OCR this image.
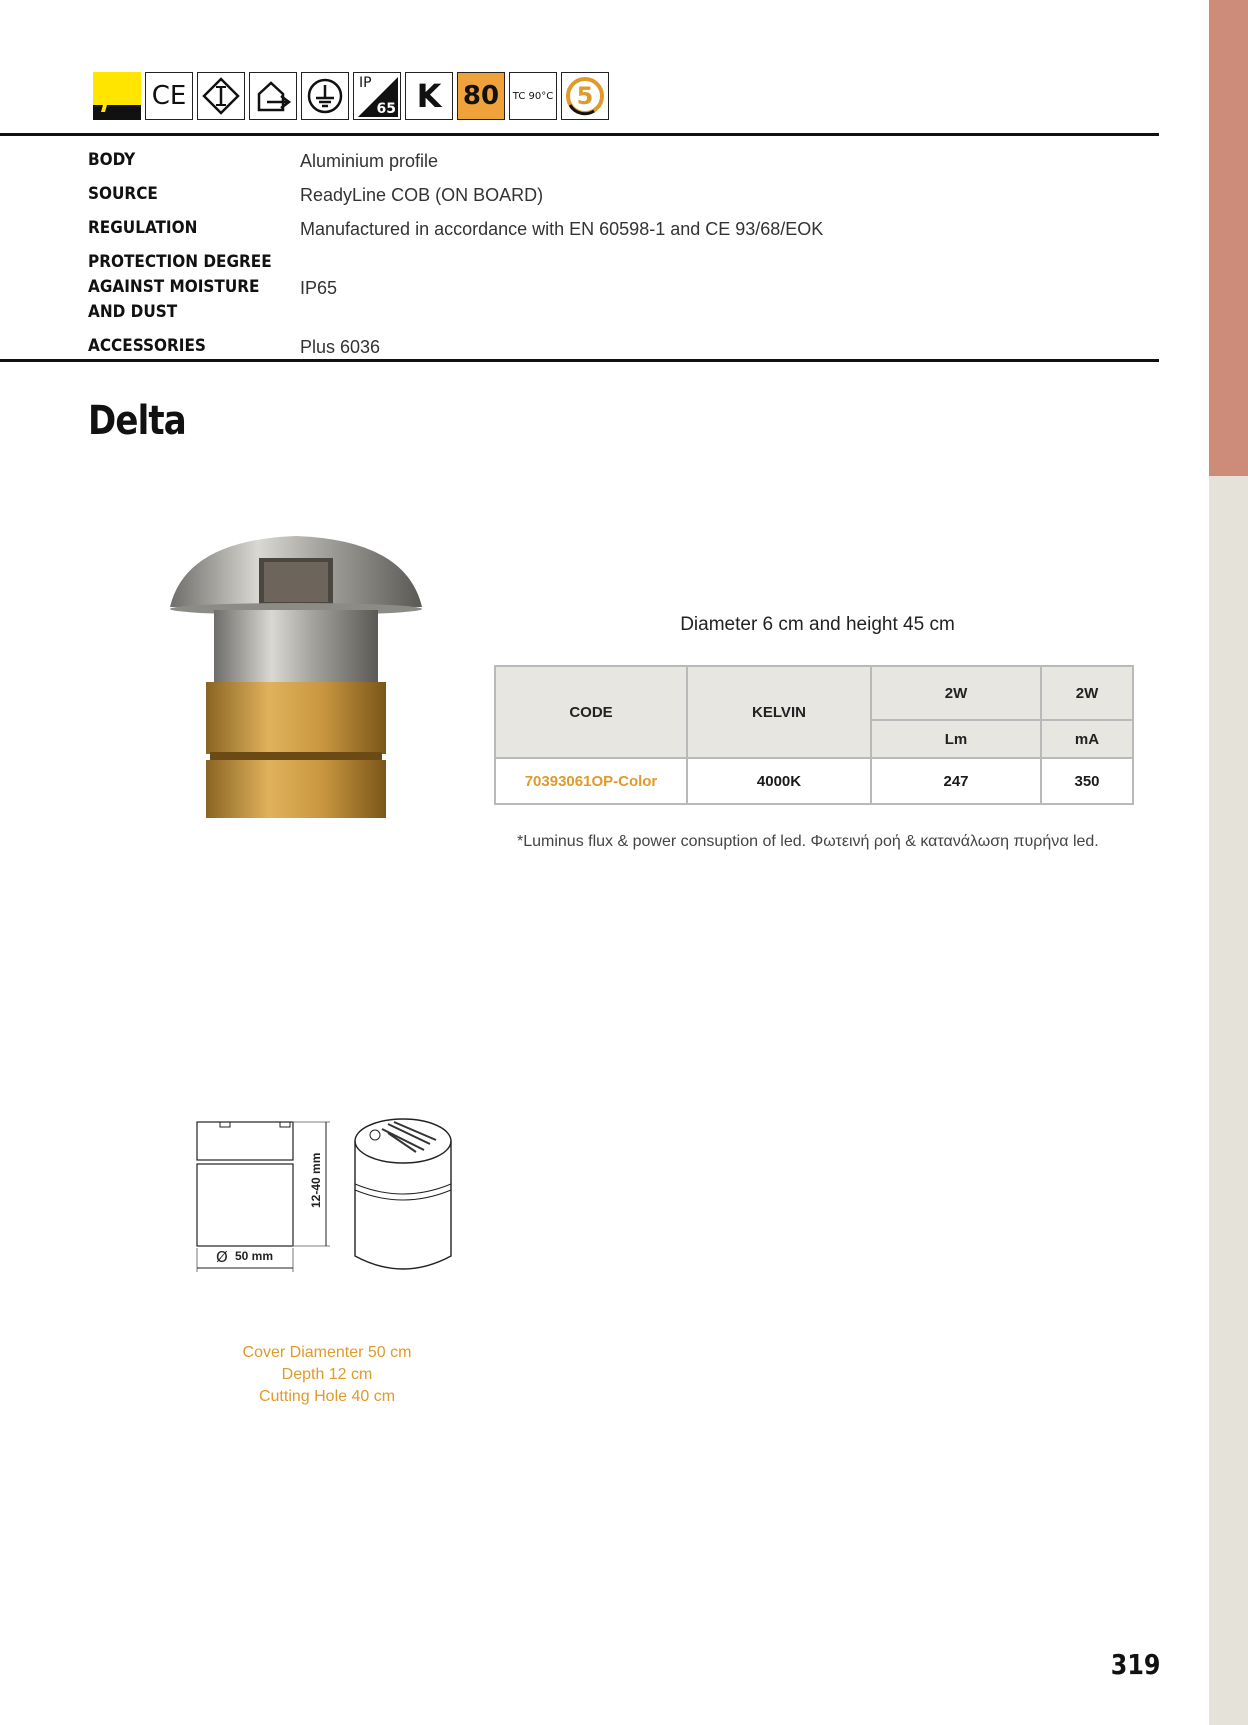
CE	IP
65 K 80	TC 90°C 5
BODY	Aluminium profile
SOURCE	ReadyLine COB (ON BOARD)
REGULATION	Manufactured in accordance with EN 60598-1 and CE 93/68/EOK
PROTECTION DEGREE
AGAINST MOISTURE
AND DUST
IP65
ACCESSORIES	Plus 6036
Delta
Diameter 6 cm and height 45 cm
CODE	KELVIN	2W	2W
		Lm	mA
70393061OP-Color	4000K	247	350
*Luminus flux & power consuption of led. Φωτεινή ροή & κατανάλωση πυρήνα led.
12-40 mm
Ø 50 mm
Cover Diamenter 50 cm
Depth 12 cm
Cutting Hole 40 cm
319
